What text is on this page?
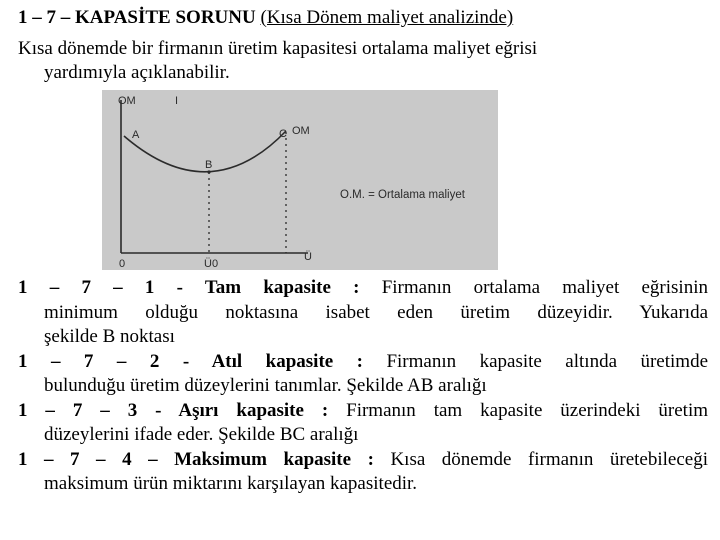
1 – 7 – KAPASİTE SORUNU (Kısa Dönem maliyet analizinde)
Kısa dönemde bir firmanın üretim kapasitesi ortalama maliyet eğrisi
yardımıyla açıklanabilir.
OM	I
A
B
C OM
0	Ü0
Ü
O.M. = Ortalama maliyet
1 – 7 – 1 - Tam kapasite : Firmanın ortalama maliyet eğrisinin
minimum olduğu noktasına isabet eden üretim düzeyidir. Yukarıda
şekilde B noktası
1 – 7 – 2 - Atıl kapasite : Firmanın kapasite altında üretimde
bulunduğu üretim düzeylerini tanımlar. Şekilde AB aralığı
1 – 7 – 3 - Aşırı kapasite : Firmanın tam kapasite üzerindeki üretim
düzeylerini ifade eder. Şekilde BC aralığı
1 – 7 – 4 – Maksimum kapasite : Kısa dönemde firmanın üretebileceği
maksimum ürün miktarını karşılayan kapasitedir.
